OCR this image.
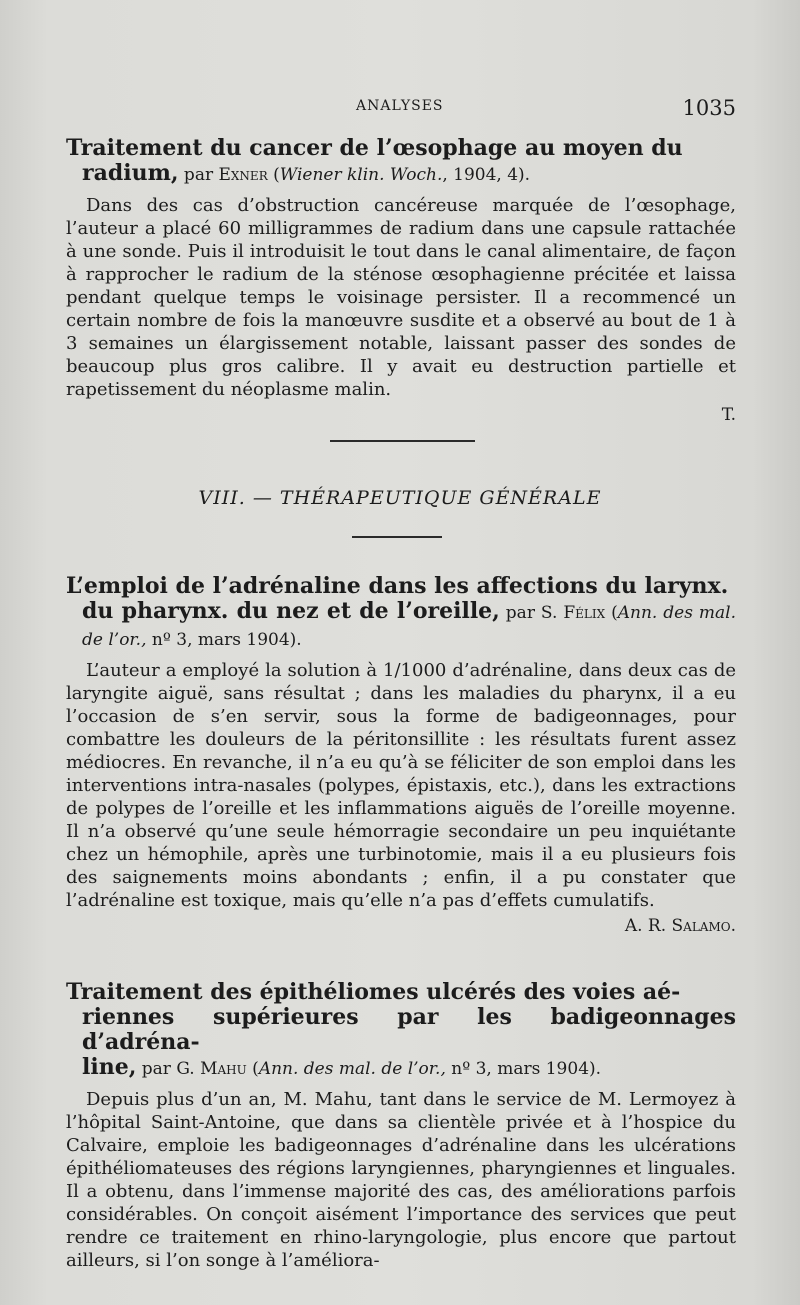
ANALYSES	1035
Traitement du cancer de l’œsophage au moyen du
radium, par Exner (Wiener klin. Woch., 1904, 4).

Dans des cas d’obstruction cancéreuse marquée de l’œsophage, l’auteur a placé 60 milligrammes de radium dans une capsule rattachée à une sonde. Puis il introduisit le tout dans le canal alimentaire, de façon à rapprocher le radium de la sténose œsophagienne précitée et laissa pendant quelque temps le voisinage persister. Il a recommencé un certain nombre de fois la manœuvre susdite et a observé au bout de 1 à 3 semaines un élargissement notable, laissant passer des sondes de beaucoup plus gros calibre. Il y avait eu destruction partielle et rapetissement du néoplasme malin.

T.
VIII. — THÉRAPEUTIQUE GÉNÉRALE
L’emploi de l’adrénaline dans les affections du larynx.
du pharynx. du nez et de l’oreille, par S. Félix (Ann. des mal. de l’or., nº 3, mars 1904).

L’auteur a employé la solution à 1/1000 d’adrénaline, dans deux cas de laryngite aiguë, sans résultat ; dans les maladies du pharynx, il a eu l’occasion de s’en servir, sous la forme de badigeonnages, pour combattre les douleurs de la péritonsillite : les résultats furent assez médiocres. En revanche, il n’a eu qu’à se féliciter de son emploi dans les interventions intra-nasales (polypes, épistaxis, etc.), dans les extractions de polypes de l’oreille et les inflammations aiguës de l’oreille moyenne. Il n’a observé qu’une seule hémorragie secondaire un peu inquiétante chez un hémophile, après une turbinotomie, mais il a eu plusieurs fois des saignements moins abondants ; enfin, il a pu constater que l’adrénaline est toxique, mais qu’elle n’a pas d’effets cumulatifs.

A. R. Salamo.
Traitement des épithéliomes ulcérés des voies aé-
riennes supérieures par les badigeonnages d’adréna-
line, par G. Mahu (Ann. des mal. de l’or., nº 3, mars 1904).

Depuis plus d’un an, M. Mahu, tant dans le service de M. Lermoyez à l’hôpital Saint-Antoine, que dans sa clientèle privée et à l’hospice du Calvaire, emploie les badigeonnages d’adrénaline dans les ulcérations épithéliomateuses des régions laryngiennes, pharyngiennes et linguales. Il a obtenu, dans l’immense majorité des cas, des améliorations parfois considérables. On conçoit aisément l’importance des services que peut rendre ce traitement en rhino-laryngologie, plus encore que partout ailleurs, si l’on songe à l’améliora-
